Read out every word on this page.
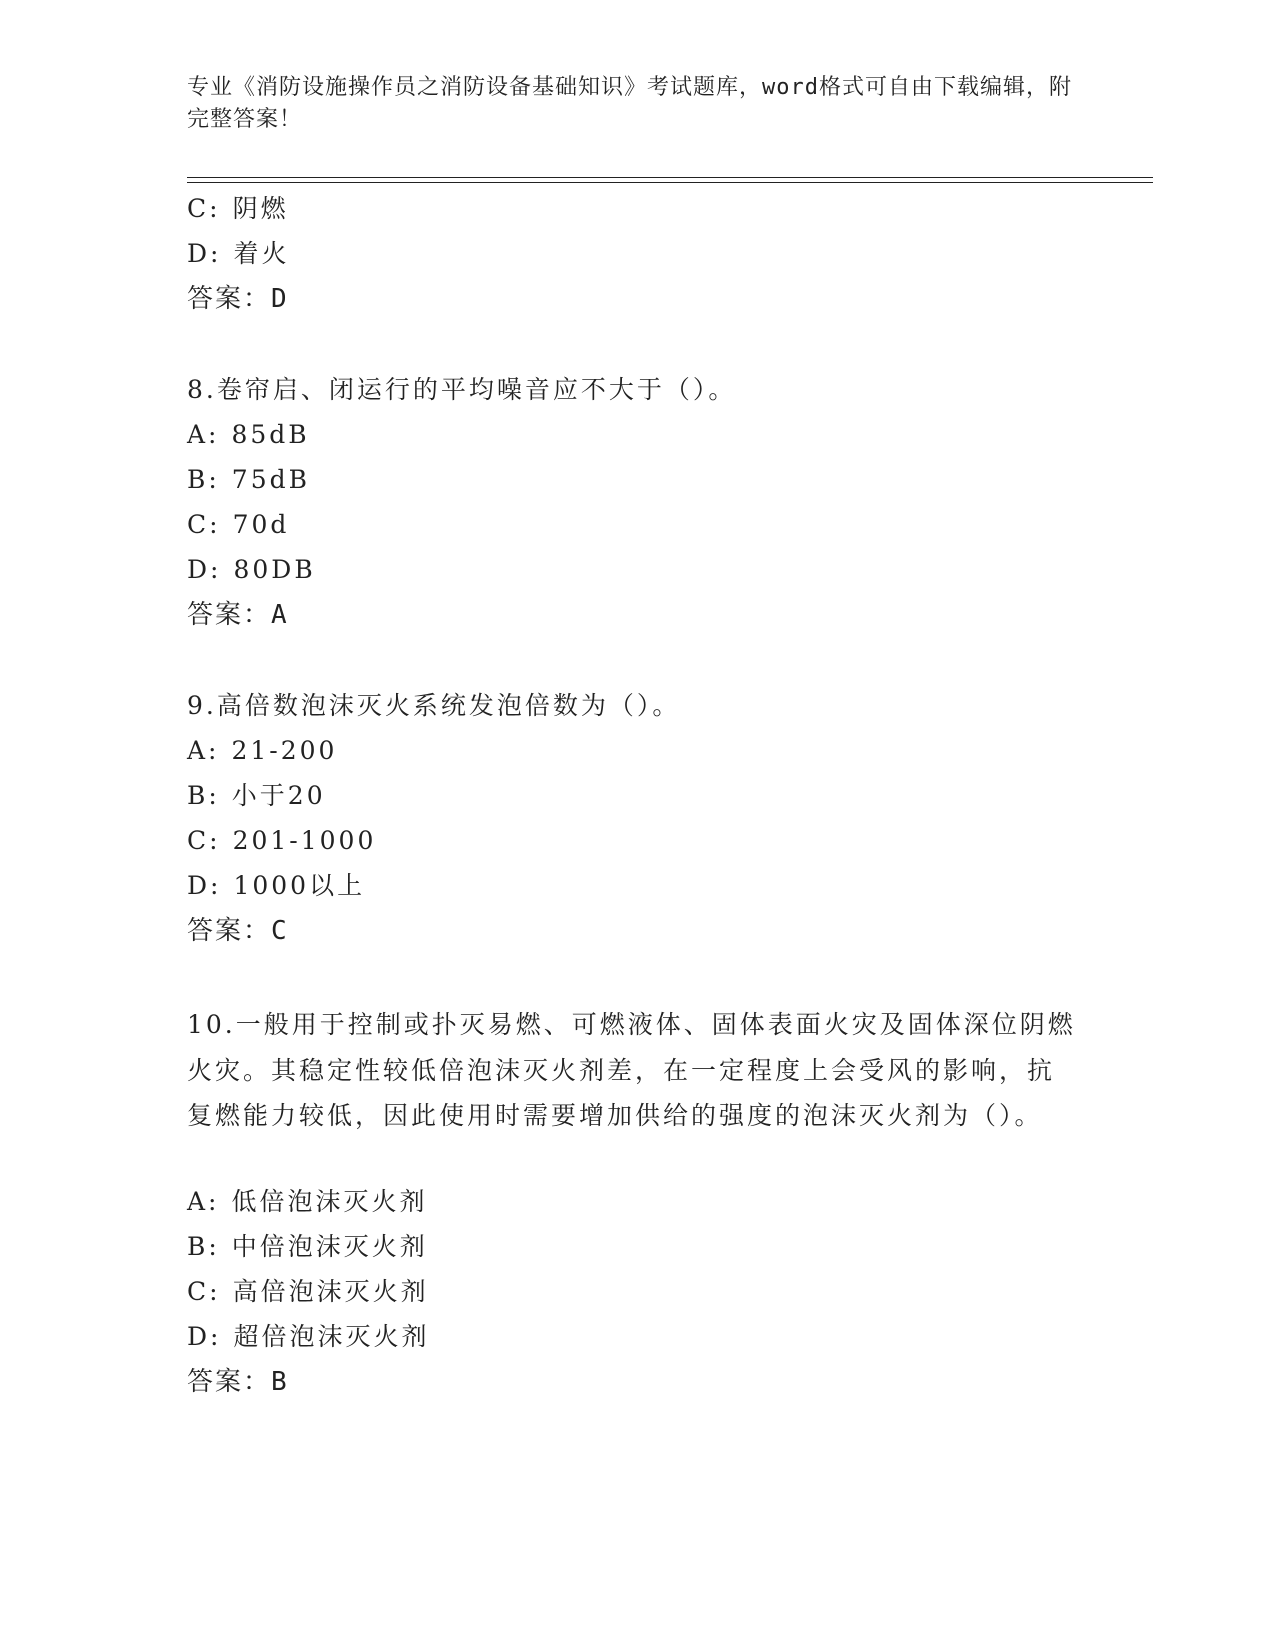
专业《消防设施操作员之消防设备基础知识》考试题库，word格式可自由下载编辑，附完整答案！
C: 阴燃
D: 着火
答案：D
8.卷帘启、闭运行的平均噪音应不大于（）。
A: 85dB
B: 75dB
C: 70d
D: 80DB
答案：A
9.高倍数泡沫灭火系统发泡倍数为（）。
A: 21-200
B: 小于20
C: 201-1000
D: 1000以上
答案：C
10.一般用于控制或扑灭易燃、可燃液体、固体表面火灾及固体深位阴燃火灾。其稳定性较低倍泡沫灭火剂差，在一定程度上会受风的影响，抗复燃能力较低，因此使用时需要增加供给的强度的泡沫灭火剂为（）。
A: 低倍泡沫灭火剂
B: 中倍泡沫灭火剂
C: 高倍泡沫灭火剂
D: 超倍泡沫灭火剂
答案：B
